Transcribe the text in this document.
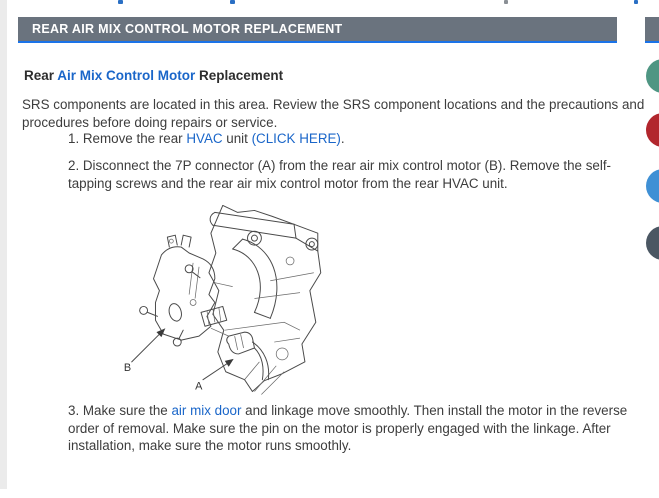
REAR AIR MIX CONTROL MOTOR REPLACEMENT
Rear Air Mix Control Motor Replacement
SRS components are located in this area. Review the SRS component locations and the precautions and
procedures before doing repairs or service.
1. Remove the rear HVAC unit (CLICK HERE).
2. Disconnect the 7P connector (A) from the rear air mix control motor (B). Remove the self-
tapping screws and the rear air mix control motor from the rear HVAC unit.
3. Make sure the air mix door and linkage move smoothly. Then install the motor in the reverse
order of removal. Make sure the pin on the motor is properly engaged with the linkage. After
installation, make sure the motor runs smoothly.
B
A
